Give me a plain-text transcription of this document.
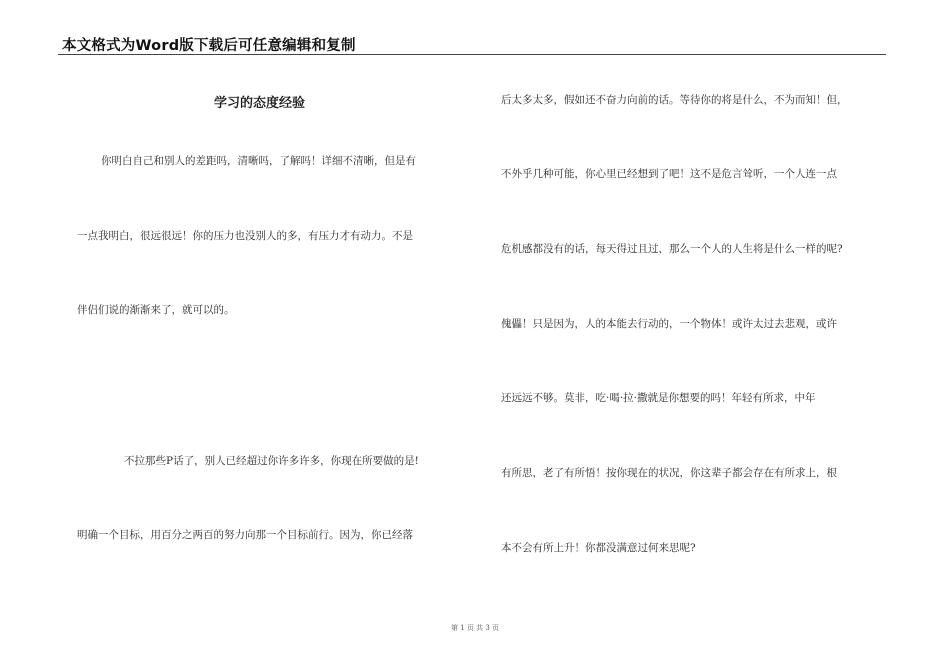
本文格式为Word版下载后可任意编辑和复制
学习的态度经验
你明白自己和别人的差距吗，清晰吗，了解吗！详细不清晰，但是有
一点我明白，很远很远！你的压力也没别人的多，有压力才有动力。不是
伴侣们说的渐渐来了，就可以的。
不拉那些P话了，别人已经超过你许多许多，你现在所要做的是!
明确一个目标，用百分之两百的努力向那一个目标前行。因为，你已经落
后太多太多，假如还不奋力向前的话。等待你的将是什么，不为而知！但，
不外乎几种可能，你心里已经想到了吧！这不是危言耸听，一个人连一点
危机感都没有的话，每天得过且过，那么一个人的人生将是什么一样的呢?
傀儡！只是因为，人的本能去行动的，一个物体！或许太过去悲观，或许
还远远不够。莫非，吃·喝·拉·撒就是你想要的吗！年轻有所求，中年
有所思，老了有所悟！按你现在的状况，你这辈子都会存在有所求上，根
本不会有所上升！你都没满意过何来思呢?
第 1 页 共 3 页
